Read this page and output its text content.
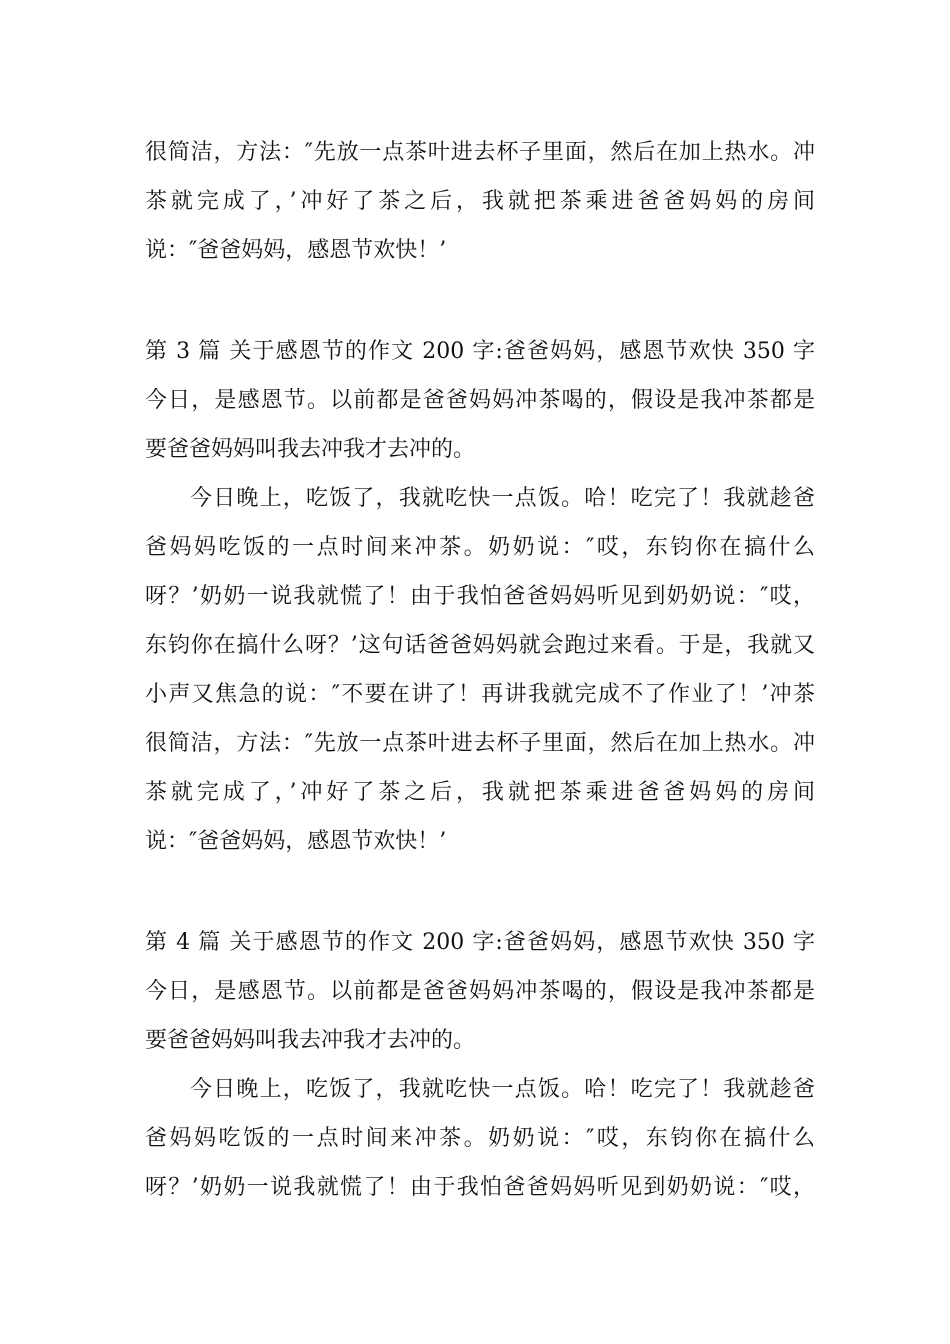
很简洁，方法：″先放一点茶叶进去杯子里面，然后在加上热水。冲

茶就完成了，’冲好了茶之后，我就把茶乘进爸爸妈妈的房间

说：″爸爸妈妈，感恩节欢快！’

第 3 篇 关于感恩节的作文 200 字:爸爸妈妈，感恩节欢快 350 字

今日，是感恩节。以前都是爸爸妈妈冲茶喝的，假设是我冲茶都是

要爸爸妈妈叫我去冲我才去冲的。

今日晚上，吃饭了，我就吃快一点饭。哈！吃完了！我就趁爸

爸妈妈吃饭的一点时间来冲茶。奶奶说：″哎，东钧你在搞什么

呀？’奶奶一说我就慌了！由于我怕爸爸妈妈听见到奶奶说：″哎，

东钧你在搞什么呀？’这句话爸爸妈妈就会跑过来看。于是，我就又

小声又焦急的说：″不要在讲了！再讲我就完成不了作业了！’冲茶

很简洁，方法：″先放一点茶叶进去杯子里面，然后在加上热水。冲

茶就完成了，’冲好了茶之后，我就把茶乘进爸爸妈妈的房间

说：″爸爸妈妈，感恩节欢快！’

第 4 篇 关于感恩节的作文 200 字:爸爸妈妈，感恩节欢快 350 字

今日，是感恩节。以前都是爸爸妈妈冲茶喝的，假设是我冲茶都是

要爸爸妈妈叫我去冲我才去冲的。

今日晚上，吃饭了，我就吃快一点饭。哈！吃完了！我就趁爸

爸妈妈吃饭的一点时间来冲茶。奶奶说：″哎，东钧你在搞什么

呀？’奶奶一说我就慌了！由于我怕爸爸妈妈听见到奶奶说：″哎，
